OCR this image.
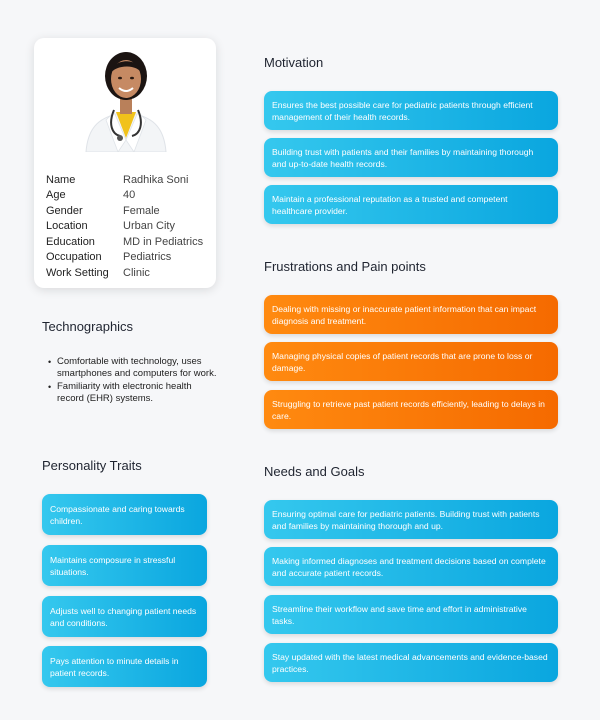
Name	Radhika Soni
Age	40
Gender	Female
Location	Urban City
Education	MD in Pediatrics
Occupation	Pediatrics
Work Setting	Clinic
Technographics
• Comfortable with technology, uses smartphones and computers for work.
• Familiarity with electronic health record (EHR) systems.
Personality Traits
Compassionate and caring towards children.
Maintains composure in stressful situations.
Adjusts well to changing patient needs and conditions.
Pays attention to minute details in patient records.
Motivation
Ensures the best possible care for pediatric patients through efficient management of their health records.
Building trust with patients and their families by maintaining thorough and up-to-date health records.
Maintain a professional reputation as a trusted and competent healthcare provider.
Frustrations and Pain points
Dealing with missing or inaccurate patient information that can impact diagnosis and treatment.
Managing physical copies of patient records that are prone to loss or damage.
Struggling to retrieve past patient records efficiently, leading to delays in care.
Needs and Goals
Ensuring optimal care for pediatric patients. Building trust with patients and families by maintaining thorough and up.
Making informed diagnoses and treatment decisions based on complete and accurate patient records.
Streamline their workflow and save time and effort in administrative tasks.
Stay updated with the latest medical advancements and evidence-based practices.
